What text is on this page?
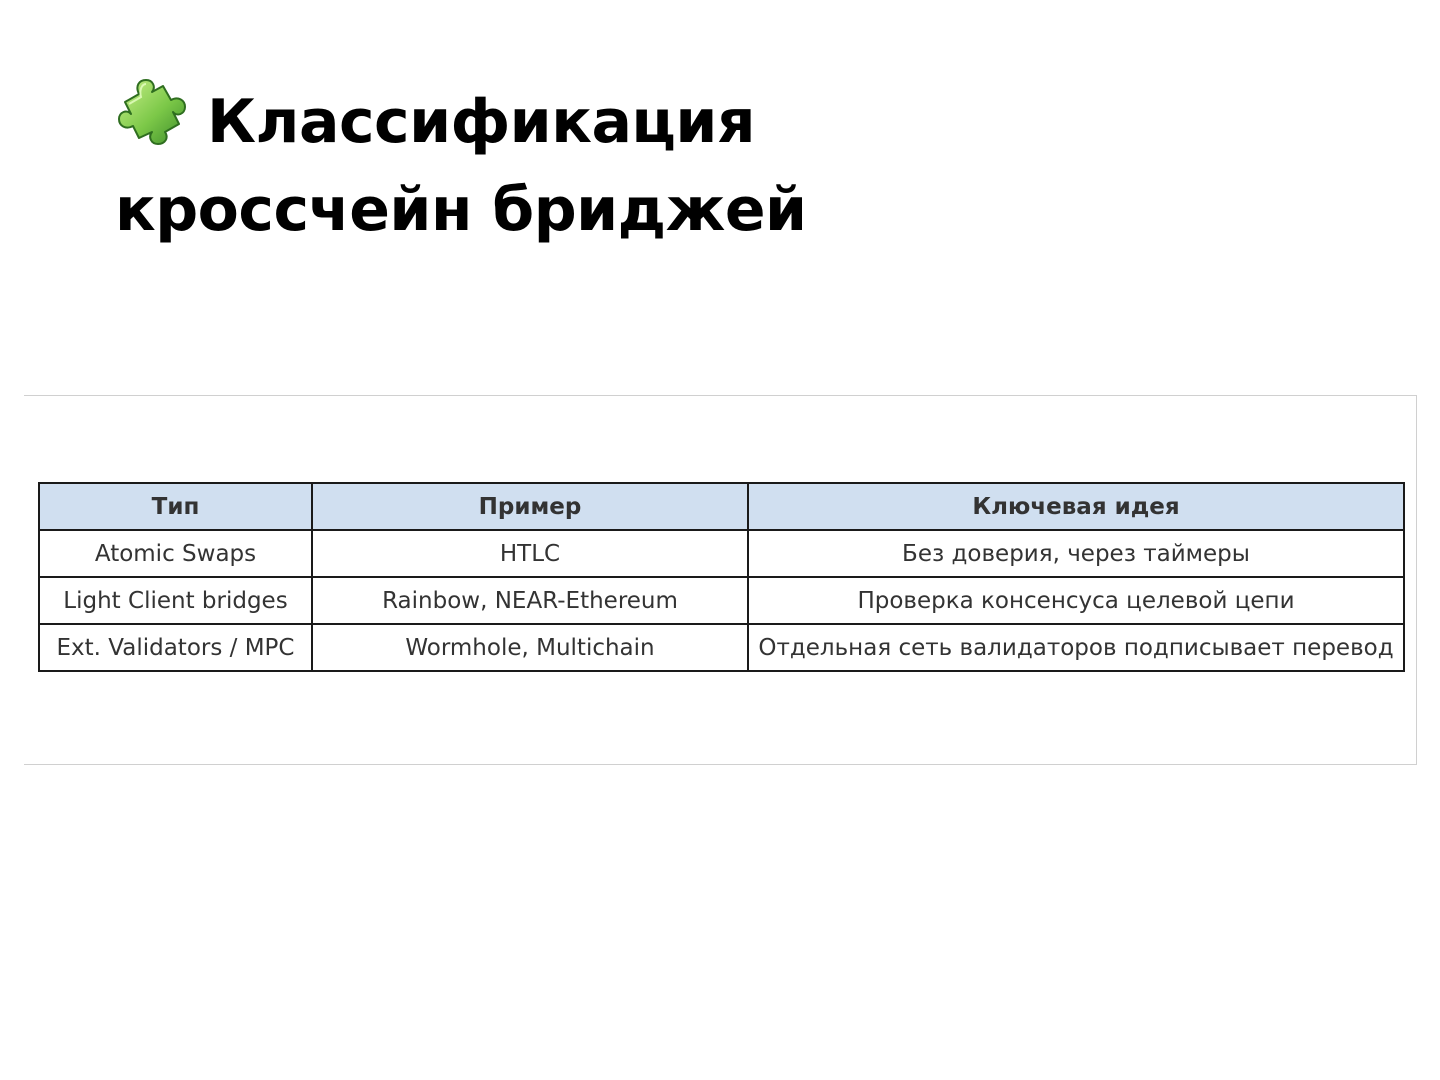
Классификация кроссчейн бриджей
Тип	Пример	Ключевая идея
Atomic Swaps	HTLC	Без доверия, через таймеры
Light Client bridges	Rainbow, NEAR-Ethereum	Проверка консенсуса целевой цепи
Ext. Validators / MPC	Wormhole, Multichain	Отдельная сеть валидаторов подписывает перевод
